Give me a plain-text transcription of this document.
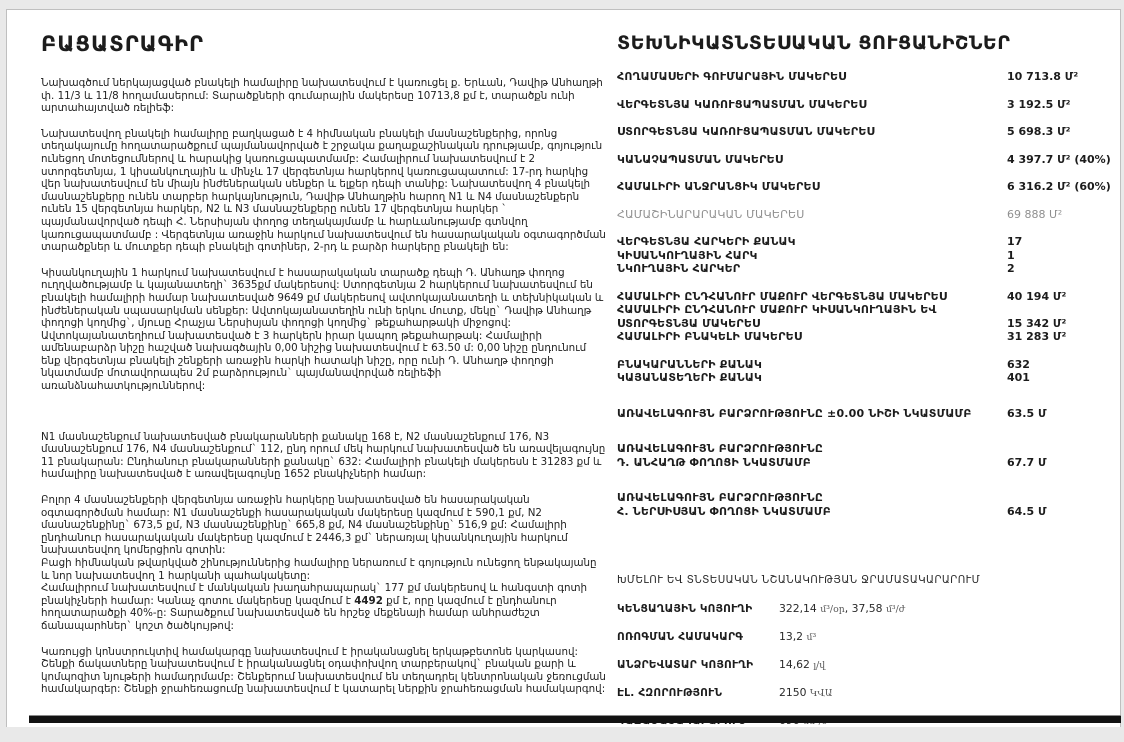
ԲԱՑԱՏՐԱԳԻՐ

Նախագծում ներկայացված բնակելի համալիրը նախատեսվում է կառուցել ք. Երևան, Դավիթ Անհաղթի փ. 11/3 և 11/8 հողամասերում: Տարածքների գումարային մակերեսը 10713,8 քմ է, տարածքն ունի արտահայտված ռելիեֆ:

Նախատեսվող բնակելի համալիրը բաղկացած է 4 հիմնական բնակելի մասնաշենքերից, որոնց տեղակայումը հողատարածքում պայմանավորված է շրջակա քաղաքաշինական դրությամբ, գոյություն ունեցող մոտեցումներով և հարակից կառուցապատմամբ: Համալիրում նախատեսվում է 2 ստորգետնյա, 1 կիսանկուղային և մինչև 17 վերգետնյա հարկերով կառուցապատում: 17-րդ հարկից վեր նախատեսվում են միայն ինժեներական սենքեր և ելքեր դեպի տանիք: Նախատեսվող 4 բնակելի մասնաշենքերը ունեն տարբեր հարկայնություն, Դավիթ Անհաղթին հարող N1 և N4 մասնաշենքերն ունեն 15 վերգետնյա հարկեր, N2 և N3 մասնաշենքերը ունեն 17 վերգետնյա հարկեր ` պայմանավորված դեպի Հ. Ներսիսյան փողոց տեղակայմամբ և հարևանությամբ գտնվող կառուցապատմամբ : Վերգետնյա առաջին հարկում նախատեսվում են հասարակական օգտագործման տարածքներ և մուտքեր դեպի բնակելի գոտիներ, 2-րդ և բարձր հարկերը բնակելի են:

Կիսանկուղային 1 հարկում նախատեսվում է հասարակական տարածք դեպի Դ. Անհաղթ փողոց ուղղվածությամբ և կայանատեղի` 3635քմ մակերեսով: Ստորգետնյա 2 հարկերում նախատեսվում են բնակելի համալիրի համար նախատեսված 9649 քմ մակերեսով ավտոկայանատեղի և տեխնիկական և ինժեներական սպասարկման սենքեր: Ավտոկայանատեղին ունի երկու մուտք, մեկը` Դավիթ Անհաղթ փողոցի կողմից`, մյուսը Հրաչյա Ներսիսյան փողոցի կողմից` թեքահարթակի միջոցով: Ավտոկայանատեղիում նախատեսված է 3 հարկերն իրար կապող թեքահարթակ: Համալիրի ամենաբարձր նիշը հաշված նախագծային 0,00 նիշից նախատեսվում է 63.50 մ: 0,00 նիշը ընդունում ենք վերգետնյա բնակելի շենքերի առաջին հարկի հատակի նիշը, որը ունի Դ. Անհաղթ փողոցի նկատմամբ մոտավորապես 2մ բարձրություն` պայմանավորված ռելիեֆի առանձնահատկություններով:

N1 մասնաշենքում նախատեսված բնակարանների քանակը 168 է, N2 մասնաշենքում 176, N3 մասնաշենքում 176, N4 մասնաշենքում` 112, ընդ որում մեկ հարկում նախատեսված են առավելագույնը 11 բնակարան: Ընդհանուր բնակարանների քանակը` 632: Համալիրի բնակելի մակերեսն է 31283 քմ և համալիրը նախատեսված է առավելագույնը 1652 բնակիչների համար:

Բոլոր 4 մասնաշենքերի վերգետնյա առաջին հարկերը նախատեսված են հասարակական օգտագործման համար: N1 մասնաշենքի հասարակական մակերեսը կազմում է 590,1 քմ, N2 մասնաշենքինը` 673,5 քմ, N3 մասնաշենքինը` 665,8 քմ, N4 մասնաշենքինը` 516,9 քմ: Համալիրի ընդհանուր հասարակական մակերեսը կազմում է 2446,3 քմ` ներառյալ կիսանկուղային հարկում նախատեսվող կոմերցիոն գոտին:

Բացի հիմնական թվարկված շինություններից համալիրը ներառում է գոյություն ունեցող ենթակայանը և նոր նախատեսվող 1 հարկանի պահակակետը:

Համալիրում նախատեսվում է մանկական խաղահրապարակ` 177 քմ մակերեսով և հանգստի գոտի բնակիչների համար: Կանաչ գոտու մակերեսը կազմում է 4492 քմ է, որը կազմում է ընդհանուր հողատարածքի 40%-ը: Տարածքում նախատեսված են հրշեջ մեքենայի համար անհրաժեշտ ճանապարհներ` կոշտ ծածկույթով:

Կառույցի կոնստրուկտիվ համակարգը նախատեսվում է իրականացնել երկաթբետոնե կարկասով: Շենքի ճակատները նախատեսվում է իրականացնել օդափոխվող տարբերակով` բնական քարի և կոմպոզիտ նյութերի համադրմամբ: Շենքերում նախատեսվում են տեղադրել կենտրոնական ջեռուցման համակարգեր: Շենքի ջրահեռացումը նախատեսվում է կատարել ներքին ջրահեռացման համակարգով:

ՏԵԽՆԻԿԱՏՆՏԵՍԱԿԱՆ ՑՈՒՑԱՆԻՇՆԵՐ
ՀՈՂԱՄԱՍԵՐԻ ԳՈՒՄԱՐԱՅԻՆ ՄԱԿԵՐԵՍ	10 713.8 Մ²
ՎԵՐԳԵՏՆՅԱ ԿԱՌՈՒՑԱՊԱՏՄԱՆ ՄԱԿԵՐԵՍ	3 192.5 Մ²
ՍՏՈՐԳԵՏՆՅԱ ԿԱՌՈՒՑԱՊԱՏՄԱՆ ՄԱԿԵՐԵՍ	5 698.3 Մ²
ԿԱՆԱՉԱՊԱՏՄԱՆ ՄԱԿԵՐԵՍ	4 397.7 Մ² (40%)
ՀԱՄԱԼԻՐԻ ԱՆՋՐԱՆՑԻԿ ՄԱԿԵՐԵՍ	6 316.2 Մ² (60%)
ՀԱՄԱՇԻՆԱՐԱՐԱԿԱՆ ՄԱԿԵՐԵՍ	69 888 Մ²
ՎԵՐԳԵՏՆՅԱ ՀԱՐԿԵՐԻ ՔԱՆԱԿ	17
ԿԻՍԱՆԿՈՒՂԱՅԻՆ ՀԱՐԿ	1
ՆԿՈՒՂԱՅԻՆ ՀԱՐԿԵՐ	2
ՀԱՄԱԼԻՐԻ ԸՆԴՀԱՆՈՒՐ ՄԱՔՈՒՐ ՎԵՐԳԵՏՆՅԱ ՄԱԿԵՐԵՍ	40 194 Մ²
ՀԱՄԱԼԻՐԻ ԸՆԴՀԱՆՈՒՐ ՄԱՔՈՒՐ ԿԻՍԱՆԿՈՒՂԱՅԻՆ ԵՎ
ՍՏՈՐԳԵՏՆՅԱ ՄԱԿԵՐԵՍ	15 342 Մ²
ՀԱՄԱԼԻՐԻ ԲՆԱԿԵԼԻ ՄԱԿԵՐԵՍ	31 283 Մ²
ԲՆԱԿԱՐԱՆՆԵՐԻ ՔԱՆԱԿ	632
ԿԱՅԱՆԱՏԵՂԵՐԻ ՔԱՆԱԿ	401
ԱՌԱՎԵԼԱԳՈՒՅՆ ԲԱՐՁՐՈՒԹՅՈՒՆԸ ±0.00 ՆԻՇԻ ՆԿԱՏՄԱՄԲ	63.5 Մ
ԱՌԱՎԵԼԱԳՈՒՅՆ ԲԱՐՁՐՈՒԹՅՈՒՆԸ
Դ. ԱՆՀԱՂԹ ՓՈՂՈՑԻ ՆԿԱՏՄԱՄԲ	67.7 Մ
ԱՌԱՎԵԼԱԳՈՒՅՆ ԲԱՐՁՐՈՒԹՅՈՒՆԸ
Հ. ՆԵՐՍԻՍՅԱՆ ՓՈՂՈՑԻ ՆԿԱՏՄԱՄԲ	64.5 Մ
ԽՄԵԼՈՒ ԵՎ ՏՆՏԵՍԱԿԱՆ ՆՇԱՆԱԿՈՒԹՅԱՆ ՋՐԱՄԱՏԱԿԱՐԱՐՈՒՄ
ԿԵՆՑԱՂԱՅԻՆ ԿՈՅՈՒՂԻ	322,14 մ³/օր, 37,58 մ³/ժ
ՈՌՈԳՄԱՆ ՀԱՄԱԿԱՐԳ	13,2 մ³
ԱՆՁՐԵՎԱՏԱՐ ԿՈՅՈՒՂԻ	14,62 լ/վ
ԷԼ. ՀԶՈՐՈՒԹՅՈՒՆ	2150 ԿՎԱ
